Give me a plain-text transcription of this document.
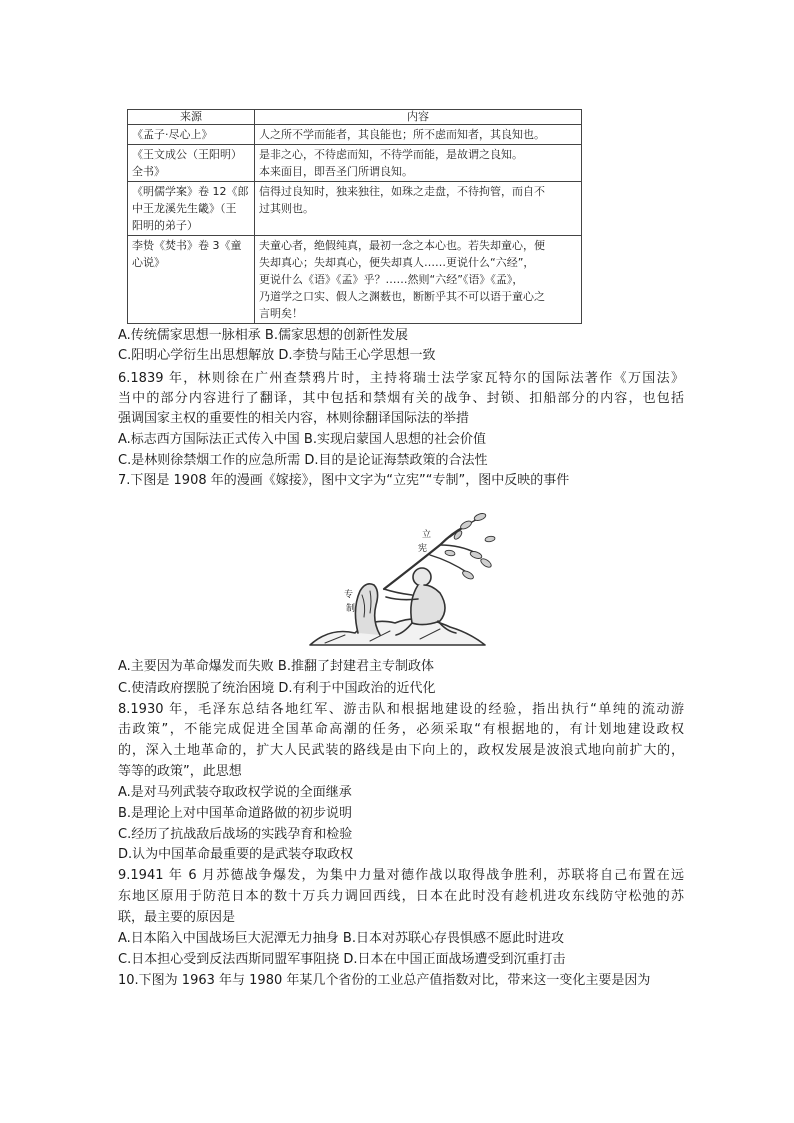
来源	内容

《孟子·尽心上》	人之所不学而能者，其良能也；所不虑而知者，其良知也。

《王文成公（王阳明）
全书》	是非之心，不待虑而知，不待学而能，是故谓之良知。
本来面目，即吾圣门所谓良知。

《明儒学案》卷 12《郎
中王龙溪先生畿》（王
阳明的弟子）	信得过良知时，独来独往，如珠之走盘，不待拘管，而自不
过其则也。

李贽《焚书》卷 3《童
心说》	夫童心者，绝假纯真，最初一念之本心也。若失却童心，便
失却真心；失却真心，便失却真人……更说什么“六经”，
更说什么《语》《孟》乎？……然则“六经”《语》《孟》，
乃道学之口实、假人之渊薮也，断断乎其不可以语于童心之
言明矣！
A.传统儒家思想一脉相承 B.儒家思想的创新性发展
C.阳明心学衍生出思想解放 D.李贽与陆王心学思想一致
6.1839 年，林则徐在广州查禁鸦片时，主持将瑞士法学家瓦特尔的国际法著作《万国法》
当中的部分内容进行了翻译，其中包括和禁烟有关的战争、封锁、扣船部分的内容，也包括
强调国家主权的重要性的相关内容，林则徐翻译国际法的举措
A.标志西方国际法正式传入中国 B.实现启蒙国人思想的社会价值
C.是林则徐禁烟工作的应急所需 D.目的是论证海禁政策的合法性
7.下图是 1908 年的漫画《嫁接》，图中文字为“立宪”“专制”，图中反映的事件
立
宪
专
制
A.主要因为革命爆发而失败 B.推翻了封建君主专制政体
C.使清政府摆脱了统治困境 D.有利于中国政治的近代化
8.1930 年，毛泽东总结各地红军、游击队和根据地建设的经验，指出执行“单纯的流动游
击政策”，不能完成促进全国革命高潮的任务，必须采取“有根据地的，有计划地建设政权
的，深入土地革命的，扩大人民武装的路线是由下向上的，政权发展是波浪式地向前扩大的，
等等的政策”，此思想
A.是对马列武装夺取政权学说的全面继承
B.是理论上对中国革命道路做的初步说明
C.经历了抗战敌后战场的实践孕育和检验
D.认为中国革命最重要的是武装夺取政权
9.1941 年 6 月苏德战争爆发，为集中力量对德作战以取得战争胜利，苏联将自己布置在远
东地区原用于防范日本的数十万兵力调回西线，日本在此时没有趁机进攻东线防守松弛的苏
联，最主要的原因是
A.日本陷入中国战场巨大泥潭无力抽身 B.日本对苏联心存畏惧感不愿此时进攻
C.日本担心受到反法西斯同盟军事阻挠 D.日本在中国正面战场遭受到沉重打击
10.下图为 1963 年与 1980 年某几个省份的工业总产值指数对比，带来这一变化主要是因为
